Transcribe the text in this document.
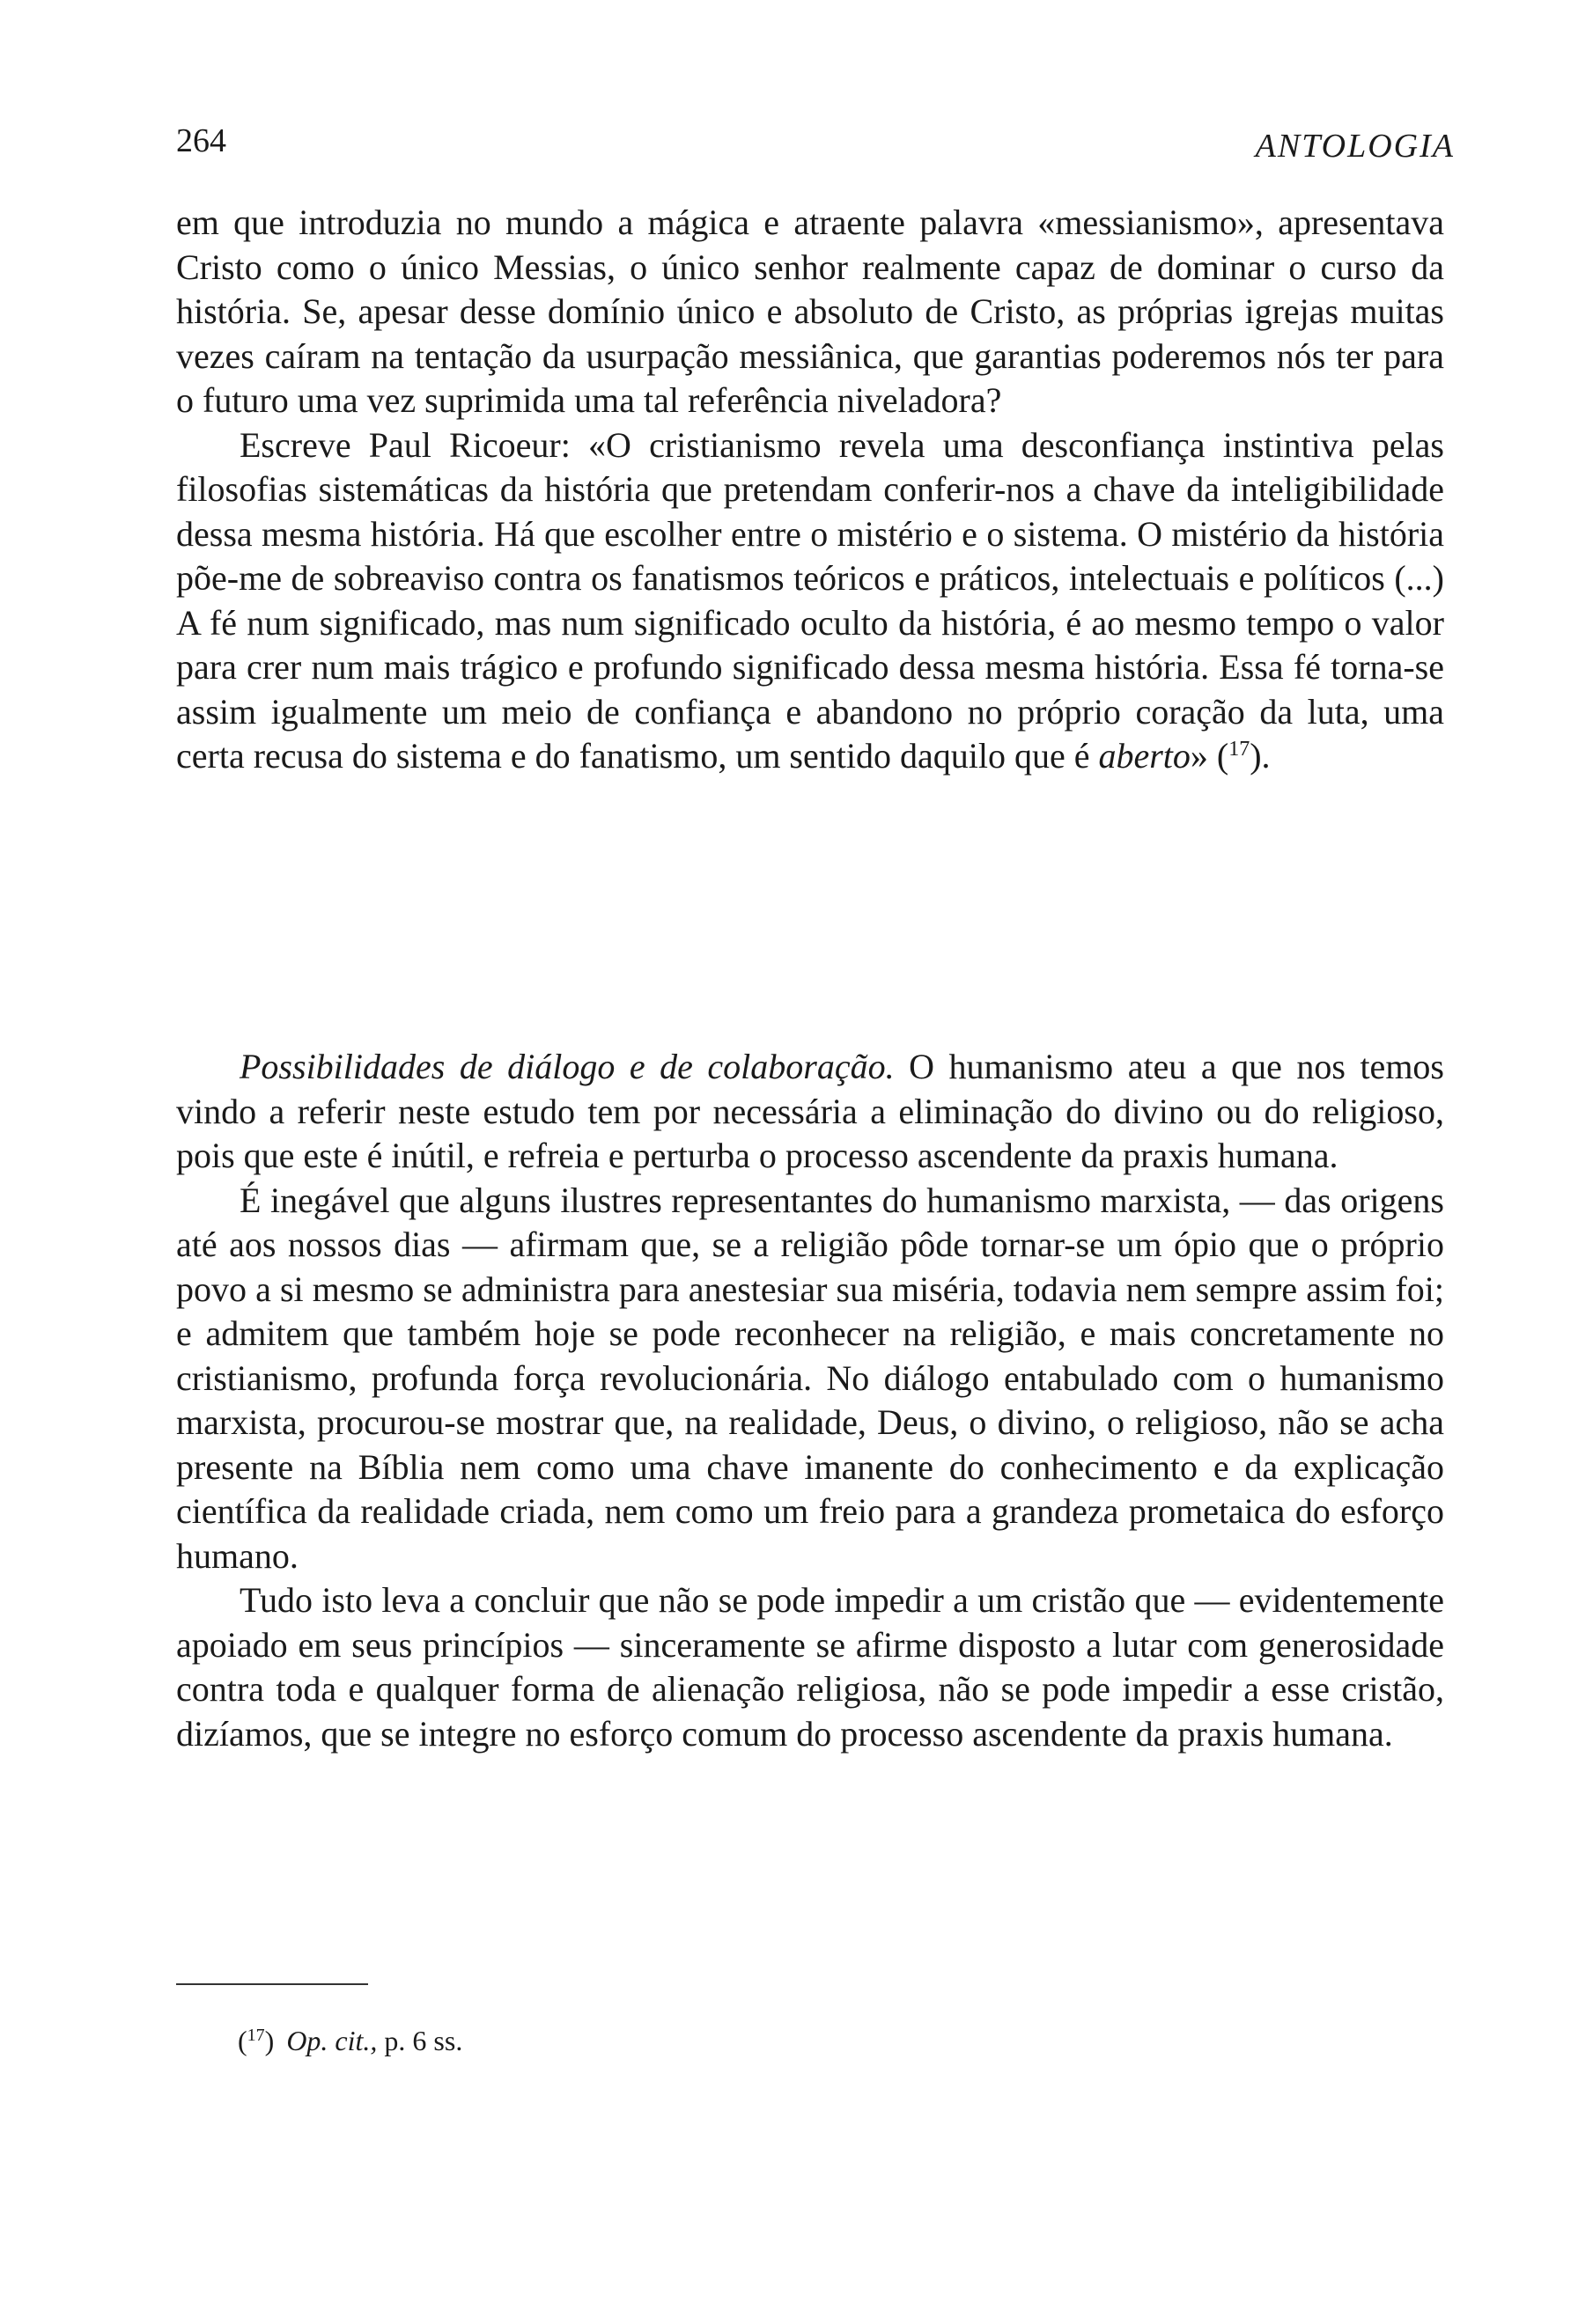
264	ANTOLOGIA

em que introduzia no mundo a mágica e atraente palavra «messianismo», apresentava Cristo como o único Messias, o único senhor realmente capaz de dominar o curso da história. Se, apesar desse domínio único e absoluto de Cristo, as próprias igrejas muitas vezes caíram na tentação da usurpação messiânica, que garantias poderemos nós ter para o futuro uma vez suprimida uma tal referência niveladora?

Escreve Paul Ricoeur: «O cristianismo revela uma desconfiança instintiva pelas filosofias sistemáticas da história que pretendam conferir-nos a chave da inteligibilidade dessa mesma história. Há que escolher entre o mistério e o sistema. O mistério da história põe-me de sobreaviso contra os fanatismos teóricos e práticos, intelectuais e políticos (...) A fé num significado, mas num significado oculto da história, é ao mesmo tempo o valor para crer num mais trágico e profundo significado dessa mesma história. Essa fé torna-se assim igualmente um meio de confiança e abandono no próprio coração da luta, uma certa recusa do sistema e do fanatismo, um sentido daquilo que é aberto» ($^{17}$).

Possibilidades de diálogo e de colaboração. O humanismo ateu a que nos temos vindo a referir neste estudo tem por necessária a eliminação do divino ou do religioso, pois que este é inútil, e refreia e perturba o processo ascendente da praxis humana.

É inegável que alguns ilustres representantes do humanismo marxista, — das origens até aos nossos dias — afirmam que, se a religião pôde tornar-se um ópio que o próprio povo a si mesmo se administra para anestesiar sua miséria, todavia nem sempre assim foi; e admitem que também hoje se pode reconhecer na religião, e mais concretamente no cristianismo, profunda força revolucionária. No diálogo entabulado com o humanismo marxista, procurou-se mostrar que, na realidade, Deus, o divino, o religioso, não se acha presente na Bíblia nem como uma chave imanente do conhecimento e da explicação científica da realidade criada, nem como um freio para a grandeza prometaica do esforço humano.

Tudo isto leva a concluir que não se pode impedir a um cristão que — evidentemente apoiado em seus princípios — sinceramente se afirme disposto a lutar com generosidade contra toda e qualquer forma de alienação religiosa, não se pode impedir a esse cristão, dizíamos, que se integre no esforço comum do processo ascendente da praxis humana.

($^{17}$) Op. cit., p. 6 ss.
